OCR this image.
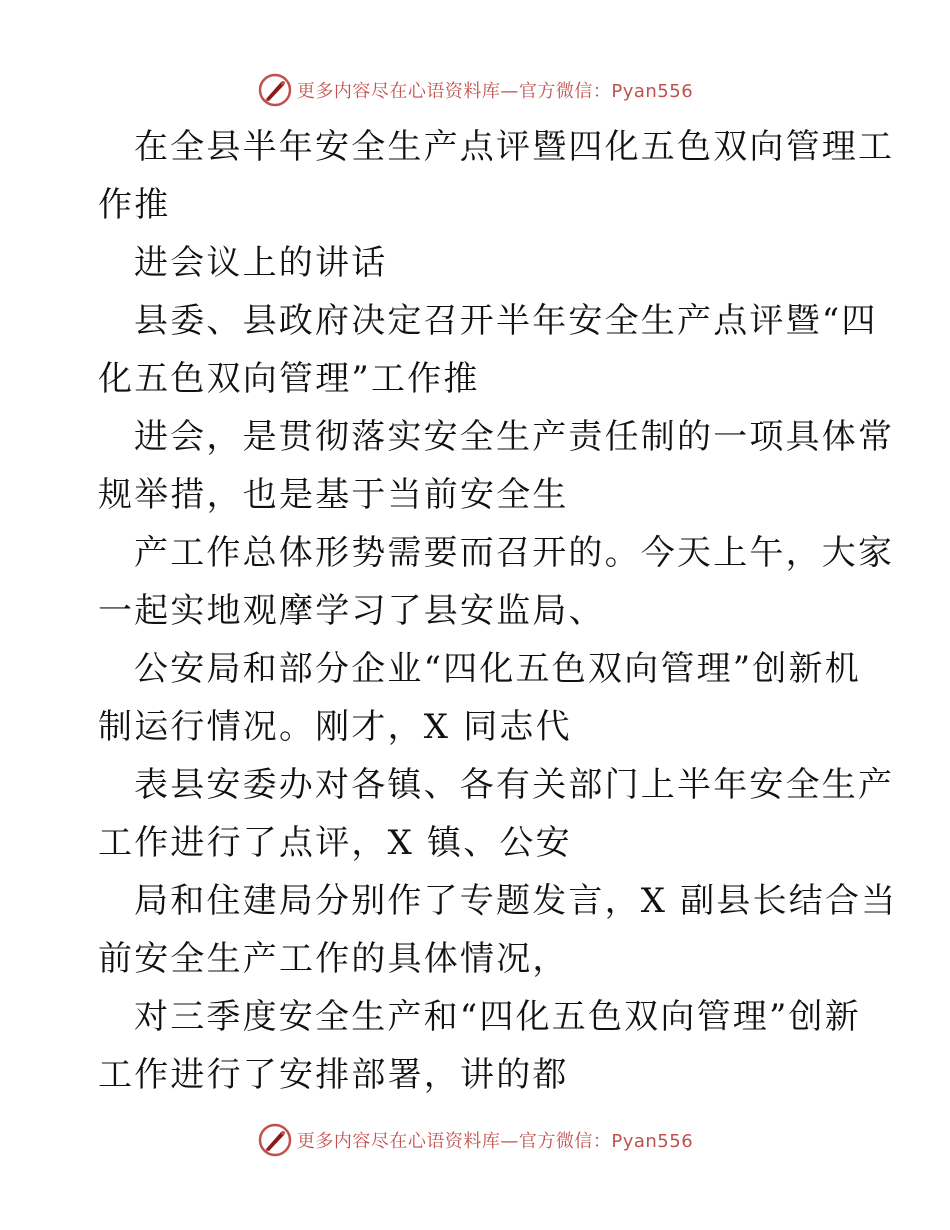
更多内容尽在心语资料库—官方微信：Pyan556

在全县半年安全生产点评暨四化五色双向管理工
作推

进会议上的讲话

县委、县政府决定召开半年安全生产点评暨“四
化五色双向管理”工作推

进会，是贯彻落实安全生产责任制的一项具体常
规举措，也是基于当前安全生

产工作总体形势需要而召开的。今天上午，大家
一起实地观摩学习了县安监局、

公安局和部分企业“四化五色双向管理”创新机
制运行情况。刚才，X 同志代

表县安委办对各镇、各有关部门上半年安全生产
工作进行了点评，X 镇、公安

局和住建局分别作了专题发言，X 副县长结合当
前安全生产工作的具体情况，

对三季度安全生产和“四化五色双向管理”创新
工作进行了安排部署，讲的都

更多内容尽在心语资料库—官方微信：Pyan556
